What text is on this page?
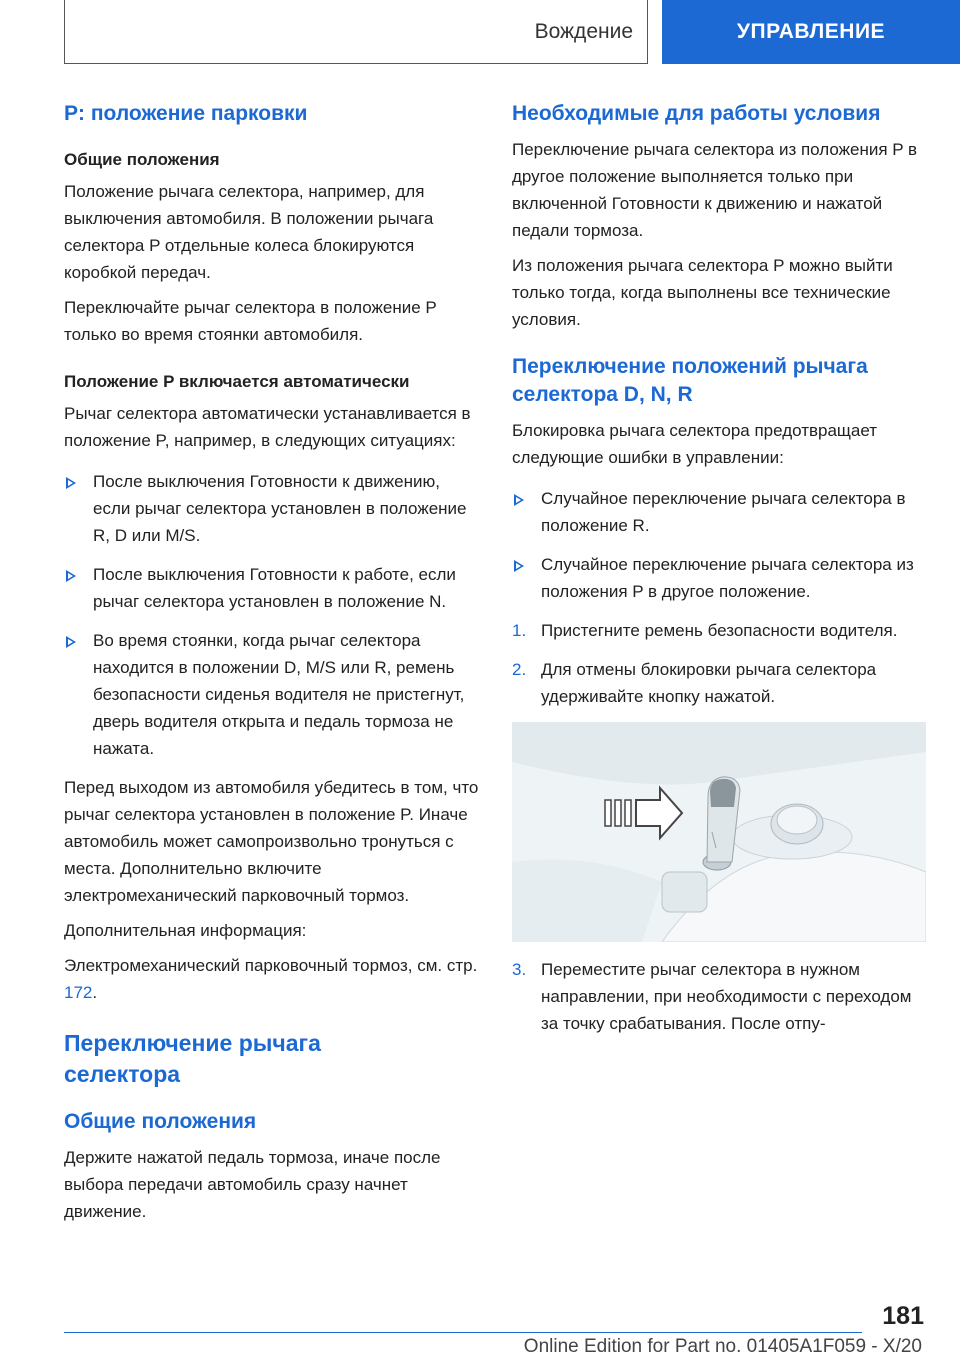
Вождение	УПРАВЛЕНИЕ
P: положение парковки
Общие положения

Положение рычага селектора, например, для выключения автомобиля. В положении рычага селектора P отдельные колеса блокируются коробкой передач.

Переключайте рычаг селектора в положение P только во время стоянки автомобиля.

Положение P включается автоматически

Рычаг селектора автоматически устанавливается в положение P, например, в следующих ситуациях:

После выключения Готовности к движению, если рычаг селектора установлен в положение R, D или M/S.
После выключения Готовности к работе, если рычаг селектора установлен в положение N.
Во время стоянки, когда рычаг селектора находится в положении D, M/S или R, ремень безопасности сиденья водителя не пристегнут, дверь водителя открыта и педаль тормоза не нажата.

Перед выходом из автомобиля убедитесь в том, что рычаг селектора установлен в положение P. Иначе автомобиль может самопроизвольно тронуться с места. Дополнительно включите электромеханический парковочный тормоз.

Дополнительная информация:

Электромеханический парковочный тормоз, см. стр. 172.

Переключение рычага селектора
Общие положения

Держите нажатой педаль тормоза, иначе после выбора передачи автомобиль сразу начнет движение.

Необходимые для работы условия

Переключение рычага селектора из положения P в другое положение выполняется только при включенной Готовности к движению и нажатой педали тормоза.

Из положения рычага селектора P можно выйти только тогда, когда выполнены все технические условия.

Переключение положений рычага селектора D, N, R

Блокировка рычага селектора предотвращает следующие ошибки в управлении:

Случайное переключение рычага селектора в положение R.
Случайное переключение рычага селектора из положения P в другое положение.
1. Пристегните ремень безопасности водителя.
2. Для отмены блокировки рычага селектора удерживайте кнопку нажатой.
3. Переместите рычаг селектора в нужном направлении, при необходимости с переходом за точку срабатывания. После отпу-
181
Online Edition for Part no. 01405A1F059 - X/20
